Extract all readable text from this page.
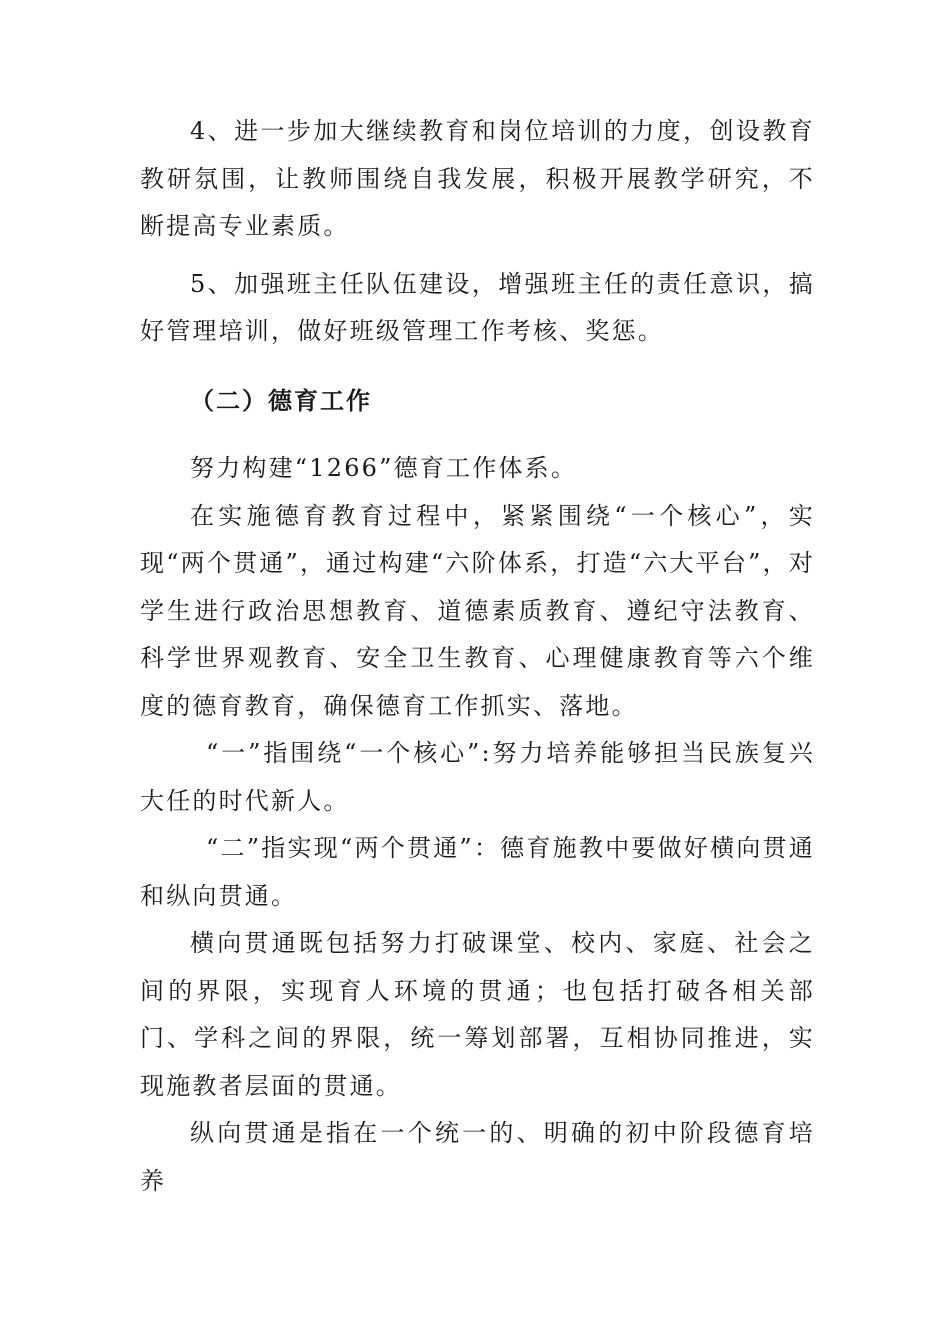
4、进一步加大继续教育和岗位培训的力度，创设教育教研氛围，让教师围绕自我发展，积极开展教学研究，不断提高专业素质。

5、加强班主任队伍建设，增强班主任的责任意识，搞好管理培训，做好班级管理工作考核、奖惩。

（二）德育工作

努力构建“1266”德育工作体系。

在实施德育教育过程中，紧紧围绕“一个核心”，实现“两个贯通”，通过构建“六阶体系，打造“六大平台”，对学生进行政治思想教育、道德素质教育、遵纪守法教育、科学世界观教育、安全卫生教育、心理健康教育等六个维度的德育教育，确保德育工作抓实、落地。

“一”指围绕“一个核心”:努力培养能够担当民族复兴大任的时代新人。

“二”指实现“两个贯通”：德育施教中要做好横向贯通和纵向贯通。

横向贯通既包括努力打破课堂、校内、家庭、社会之间的界限，实现育人环境的贯通；也包括打破各相关部门、学科之间的界限，统一筹划部署，互相协同推进，实现施教者层面的贯通。

纵向贯通是指在一个统一的、明确的初中阶段德育培养
